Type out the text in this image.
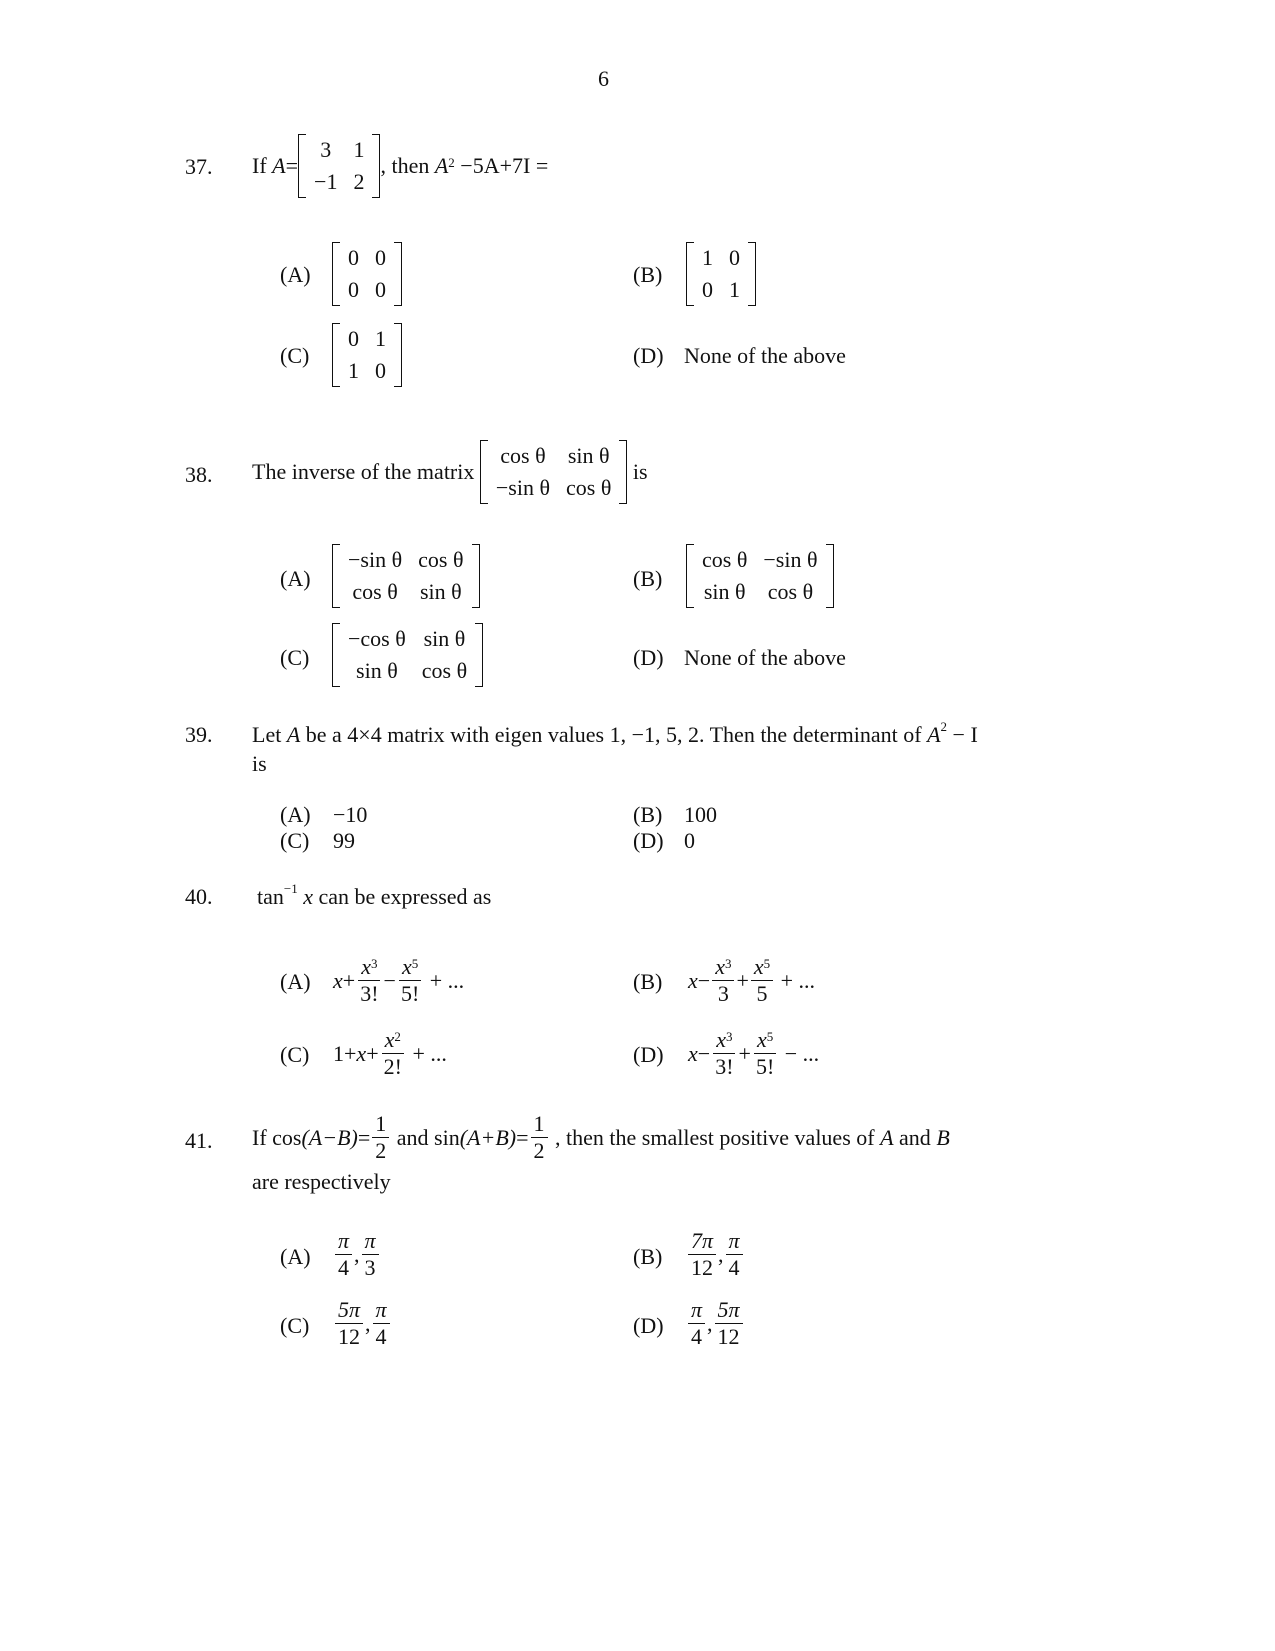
6
37. If
A =
3	1
−1	2
, then
$A^2$
−5A+7I =
(A)
0	0
0	0
(B)
1	0
0	1
(C)
0	1
1	0
(D) None of the above
38. The inverse of the matrix

cos θ	sin θ
−sin θ	cos θ

is
(A)
−sin θ	cos θ
cos θ	sin θ
(B)
cos θ	−sin θ
sin θ	cos θ
(C)
−cos θ	sin θ
sin θ	cos θ
(D) None of the above
39. Let A be a 4×4 matrix with eigen values 1, −1, 5, 2. Then the determinant of $A^2 - I$
is
(A) −10	(B) 100
(C) 99	(D) 0
40. $\tan^{-1} x$ can be expressed as
(A) $x + \frac{x^3}{3!} - \frac{x^5}{5!}$
+ ...	(B) $x - \frac{x^3}{3} + \frac{x^5}{5}$
+ ...
(C) $1+ x + \frac{x^2}{2!}$
+ ...	(D) $x - \frac{x^3}{3!} + \frac{x^5}{5!}$
− ...
41. If
$\cos (A-B) = \frac{1}{2}$
and
$\sin (A+B) = \frac{1}{2}$
, then the smallest positive values of
A
and
B
are respectively
$(A) \frac{\pi}{4}$ , $\frac{\pi}{3}$	$(B) \frac{7\pi}{12}$ , $\frac{\pi}{4}$
$(C) \frac{5\pi}{12}$ , $\frac{\pi}{4}$	$(D) \frac{\pi}{4}$ , $\frac{5\pi}{12}$
